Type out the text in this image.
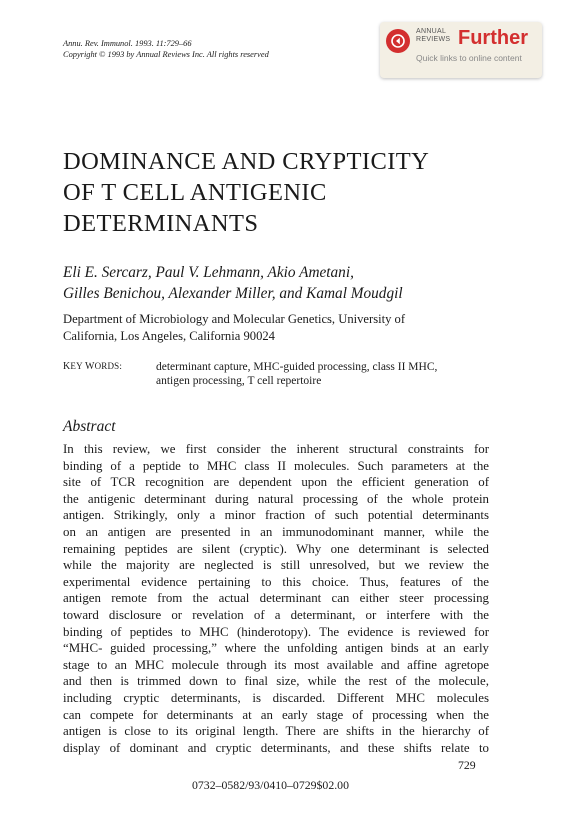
Annu. Rev. Immunol. 1993. 11:729–66
Copyright © 1993 by Annual Reviews Inc. All rights reserved
ANNUAL
REVIEWS Further
Quick links to online content
DOMINANCE AND CRYPTICITY
OF T CELL ANTIGENIC
DETERMINANTS
Eli E. Sercarz, Paul V. Lehmann, Akio Ametani,
Gilles Benichou, Alexander Miller, and Kamal Moudgil
Department of Microbiology and Molecular Genetics, University of
California, Los Angeles, California 90024
KEY WORDS:	determinant capture, MHC-guided processing, class II MHC,
antigen processing, T cell repertoire
Abstract
In this review, we first consider the inherent structural constraints for
binding of a peptide to MHC class II molecules. Such parameters at the
site of TCR recognition are dependent upon the efficient generation of
the antigenic determinant during natural processing of the whole protein
antigen. Strikingly, only a minor fraction of such potential determinants
on an antigen are presented in an immunodominant manner, while the
remaining peptides are silent (cryptic). Why one determinant is selected
while the majority are neglected is still unresolved, but we review the
experimental evidence pertaining to this choice. Thus, features of the
antigen remote from the actual determinant can either steer processing
toward disclosure or revelation of a determinant, or interfere with the
binding of peptides to MHC (hinderotopy). The evidence is reviewed for
“MHC- guided processing,” where the unfolding antigen binds at an early
stage to an MHC molecule through its most available and affine agretope
and then is trimmed down to final size, while the rest of the molecule,
including cryptic determinants, is discarded. Different MHC molecules
can compete for determinants at an early stage of processing when the
antigen is close to its original length. There are shifts in the hierarchy of
display of dominant and cryptic determinants, and these shifts relate to
729
0732–0582/93/0410–0729$02.00
